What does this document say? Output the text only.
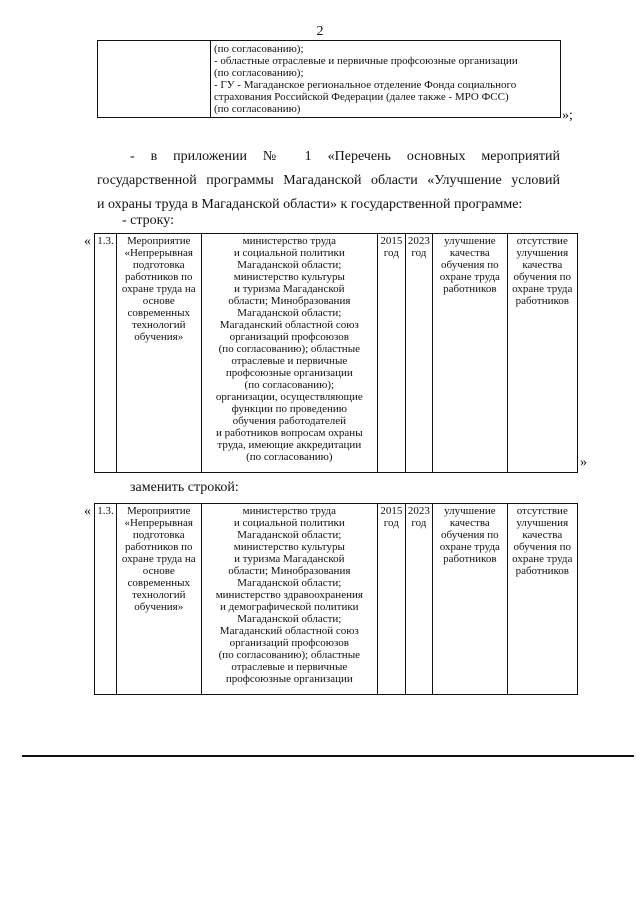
2

(по согласованию);
- областные отраслевые и первичные профсоюзные организации
(по согласованию);
- ГУ - Магаданское региональное отделение Фонда социального
страхования Российской Федерации (далее также - МРО ФСС)
(по согласованию)	»;
- в приложении № 1 «Перечень основных мероприятий
государственной программы Магаданской области «Улучшение условий
и охраны труда в Магаданской области» к государственной программе:
- строку:
« 1.3.	Мероприятие «Непрерывная подготовка работников по охране труда на основе современных технологий обучения»	
министерство труда
и социальной политики
Магаданской области;
министерство культуры
и туризма Магаданской
области; Минобразования
Магаданской области;
Магаданский областной союз
организаций профсоюзов
(по согласованию); областные
отраслевые и первичные
профсоюзные организации
(по согласованию);
организации, осуществляющие
функции по проведению
обучения работодателей
и работников вопросам охраны
труда, имеющие аккредитации
(по согласованию)
	2015 год	2023 год	улучшение качества обучения по охране труда работников	отсутствие улучшения качества обучения по охране труда работников
»
заменить строкой:
« 1.3.	Мероприятие «Непрерывная подготовка работников по охране труда на основе современных технологий обучения»	
министерство труда
и социальной политики
Магаданской области;
министерство культуры
и туризма Магаданской
области; Минобразования
Магаданской области;
министерство здравоохранения
и демографической политики
Магаданской области;
Магаданский областной союз
организаций профсоюзов
(по согласованию); областные
отраслевые и первичные
профсоюзные организации
	2015 год	2023 год	улучшение качества обучения по охране труда работников	отсутствие улучшения качества обучения по охране труда работников
